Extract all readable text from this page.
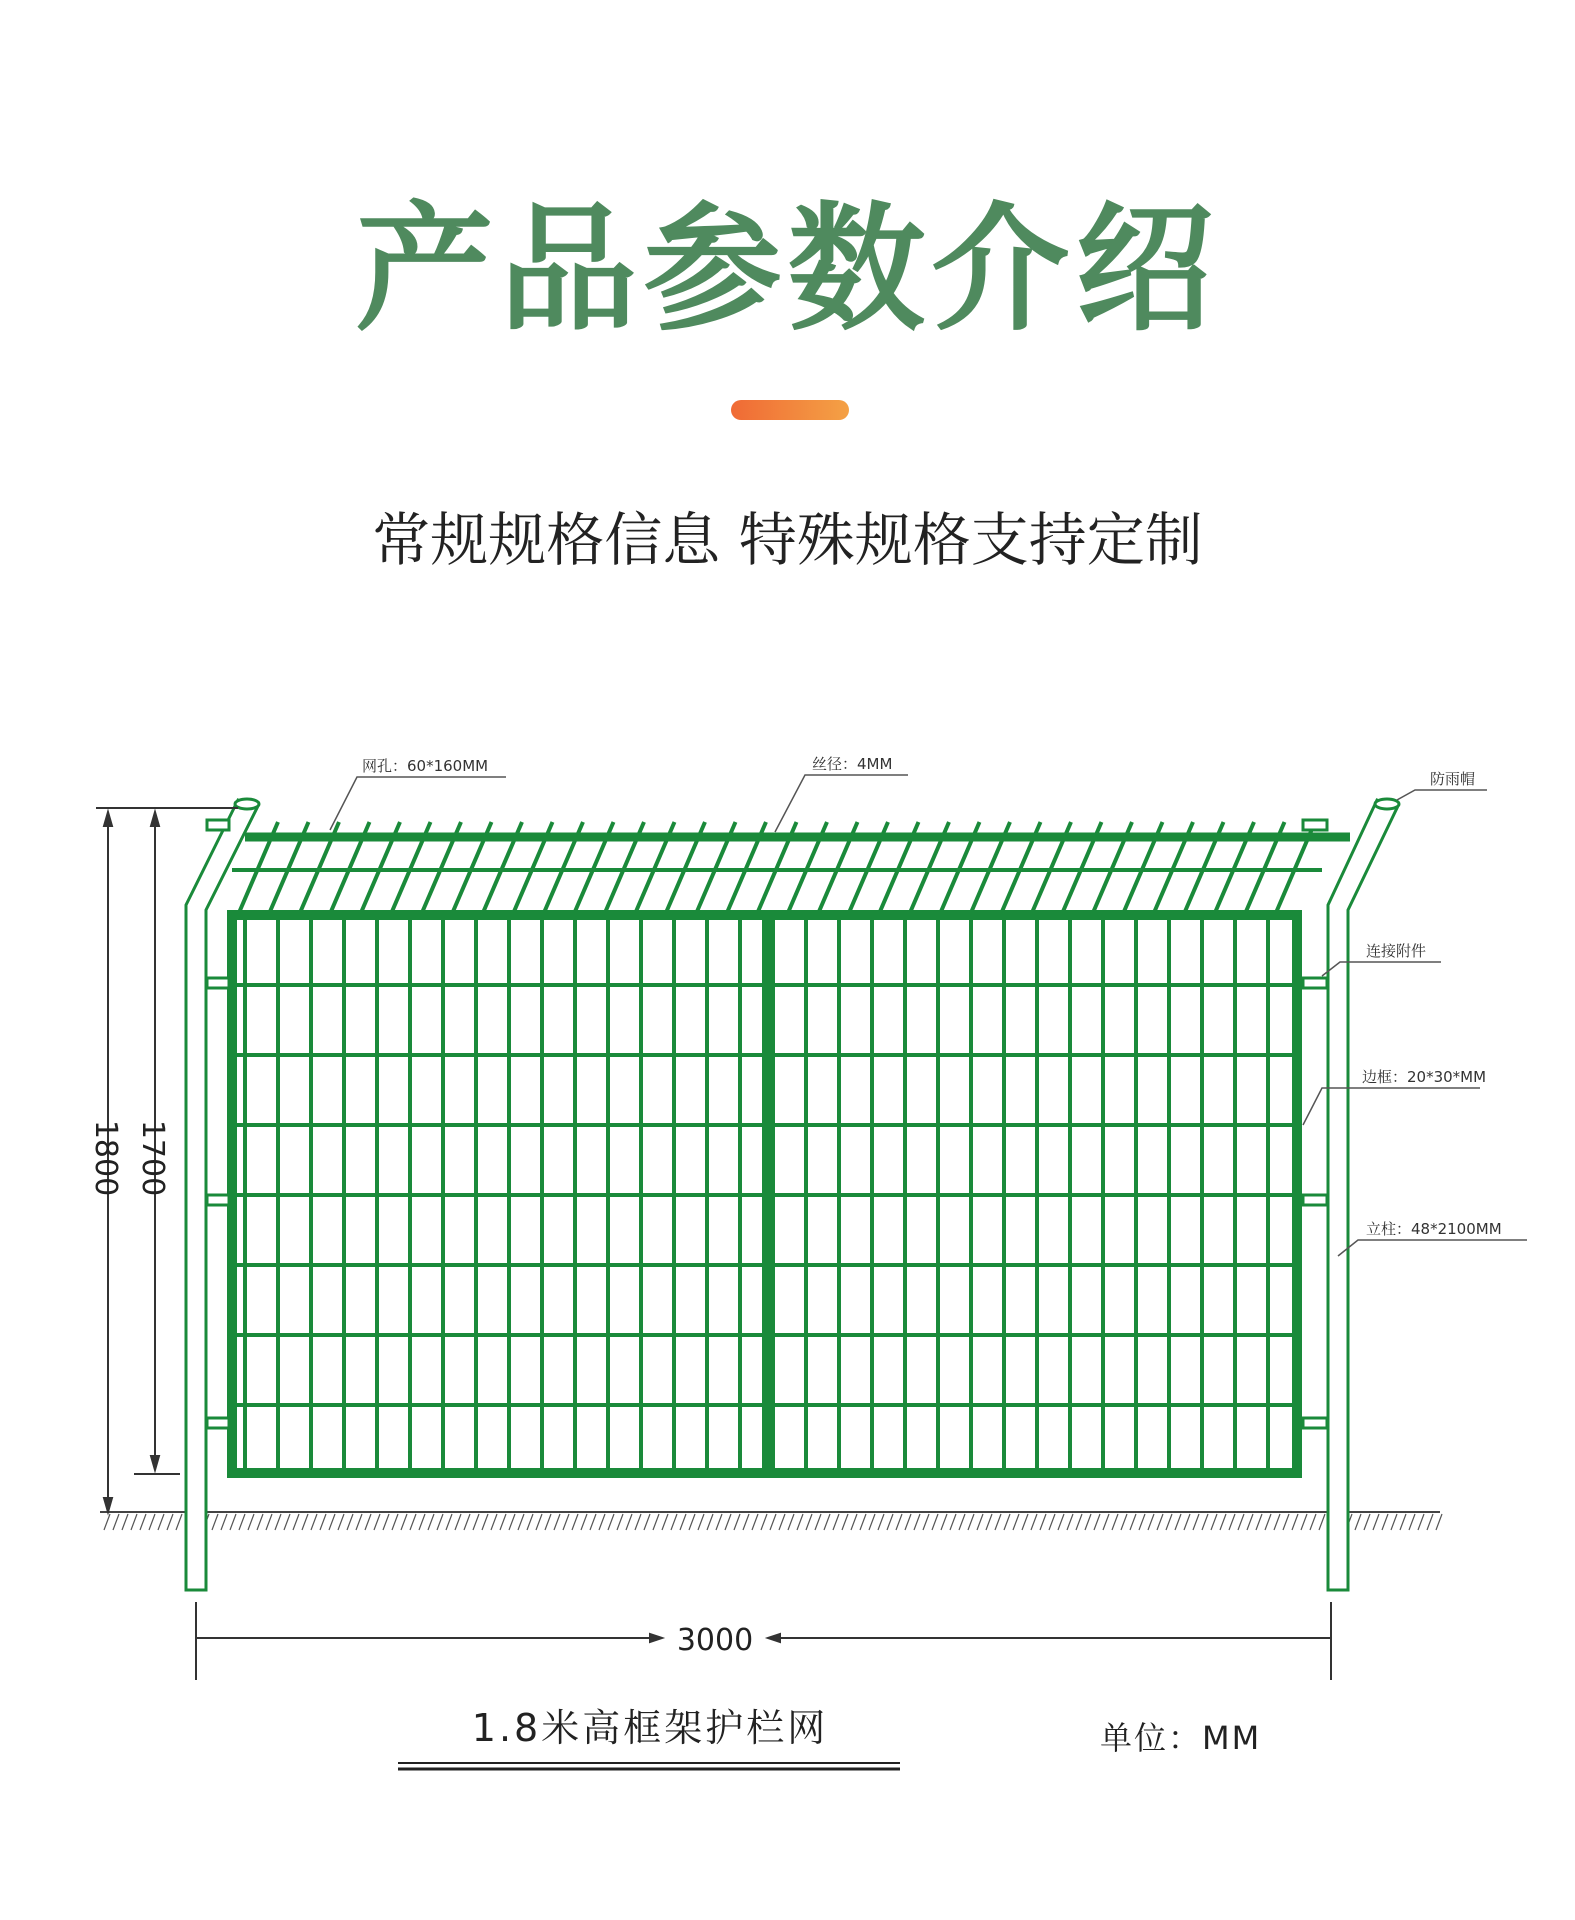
产品参数介绍
常规规格信息 特殊规格支持定制
网孔：60*160MM	丝径：4MM
防雨帽
连接附件
边框：20*30*MM
立柱：48*2100MM
1800 1700
3000
1.8米高框架护栏网	单位：MM
